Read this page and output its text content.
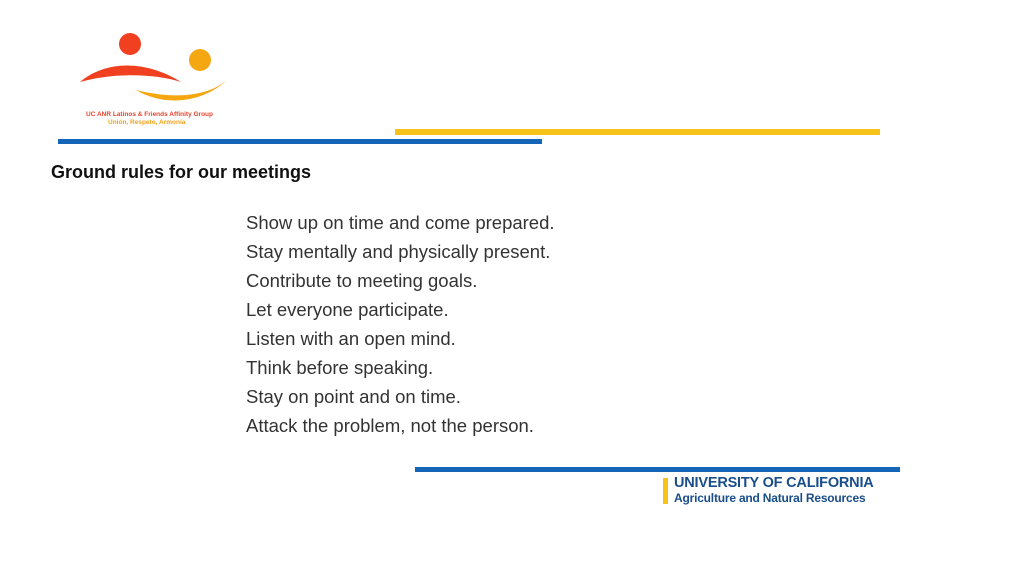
UC ANR Latinos & Friends Affinity Group
Unión, Respeto, Armonía
Ground rules for our meetings
Show up on time and come prepared.
Stay mentally and physically present.
Contribute to meeting goals.
Let everyone participate.
Listen with an open mind.
Think before speaking.
Stay on point and on time.
Attack the problem, not the person.
UNIVERSITY OF CALIFORNIA
Agriculture and Natural Resources
